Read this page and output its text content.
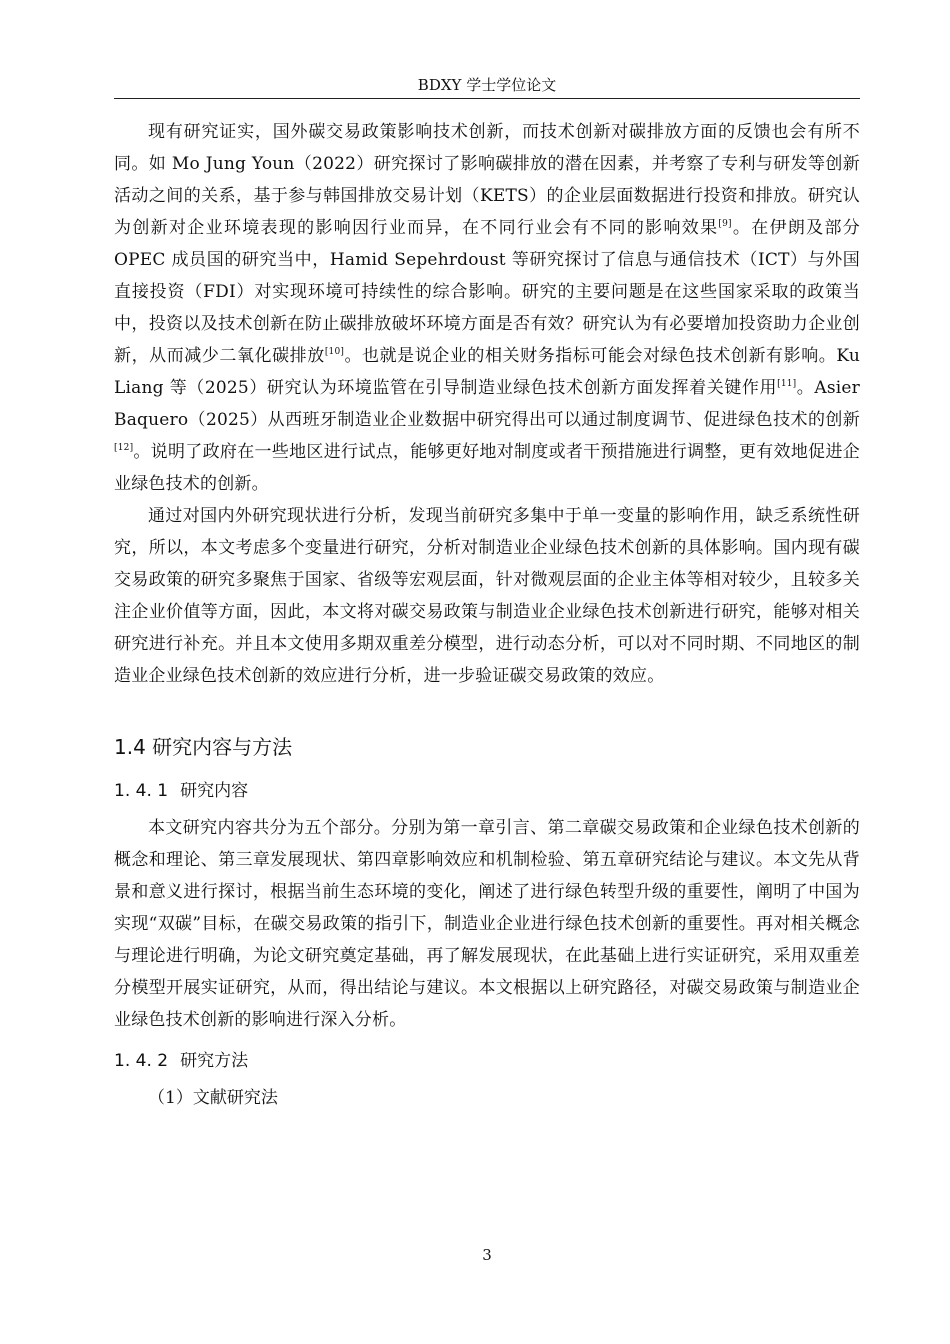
BDXY 学士学位论文

现有研究证实，国外碳交易政策影响技术创新，而技术创新对碳排放方面的反馈也会有所不同。如 Mo Jung Youn（2022）研究探讨了影响碳排放的潜在因素，并考察了专利与研发等创新活动之间的关系，基于参与韩国排放交易计划（KETS）的企业层面数据进行投资和排放。研究认为创新对企业环境表现的影响因行业而异，在不同行业会有不同的影响效果[9]。在伊朗及部分 OPEC 成员国的研究当中，Hamid Sepehrdoust 等研究探讨了信息与通信技术（ICT）与外国直接投资（FDI）对实现环境可持续性的综合影响。研究的主要问题是在这些国家采取的政策当中，投资以及技术创新在防止碳排放破坏环境方面是否有效？研究认为有必要增加投资助力企业创新，从而减少二氧化碳排放[10]。也就是说企业的相关财务指标可能会对绿色技术创新有影响。Ku Liang 等（2025）研究认为环境监管在引导制造业绿色技术创新方面发挥着关键作用[11]。Asier Baquero（2025）从西班牙制造业企业数据中研究得出可以通过制度调节、促进绿色技术的创新[12]。说明了政府在一些地区进行试点，能够更好地对制度或者干预措施进行调整，更有效地促进企业绿色技术的创新。

通过对国内外研究现状进行分析，发现当前研究多集中于单一变量的影响作用，缺乏系统性研究，所以，本文考虑多个变量进行研究，分析对制造业企业绿色技术创新的具体影响。国内现有碳交易政策的研究多聚焦于国家、省级等宏观层面，针对微观层面的企业主体等相对较少，且较多关注企业价值等方面，因此，本文将对碳交易政策与制造业企业绿色技术创新进行研究，能够对相关研究进行补充。并且本文使用多期双重差分模型，进行动态分析，可以对不同时期、不同地区的制造业企业绿色技术创新的效应进行分析，进一步验证碳交易政策的效应。

1.4 研究内容与方法
1. 4. 1 研究内容

本文研究内容共分为五个部分。分别为第一章引言、第二章碳交易政策和企业绿色技术创新的概念和理论、第三章发展现状、第四章影响效应和机制检验、第五章研究结论与建议。本文先从背景和意义进行探讨，根据当前生态环境的变化，阐述了进行绿色转型升级的重要性，阐明了中国为实现“双碳”目标，在碳交易政策的指引下，制造业企业进行绿色技术创新的重要性。再对相关概念与理论进行明确，为论文研究奠定基础，再了解发展现状，在此基础上进行实证研究，采用双重差分模型开展实证研究，从而，得出结论与建议。本文根据以上研究路径，对碳交易政策与制造业企业绿色技术创新的影响进行深入分析。

1. 4. 2 研究方法
（1）文献研究法
3
